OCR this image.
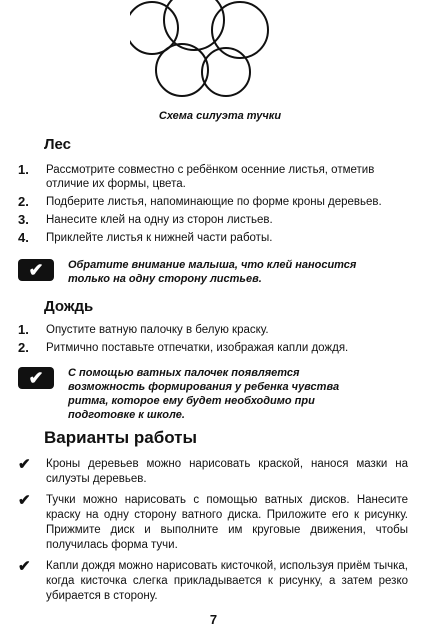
Схема силуэта тучки
Лес
1.	Рассмотрите совместно с ребёнком осенние листья, отметив отличие их формы, цвета.
2.	Подберите листья, напоминающие по форме кроны деревьев.
3.	Нанесите клей на одну из сторон листьев.
4.	Приклейте листья к нижней части работы.
✔	Обратите внимание малыша, что клей наносится только на одну сторону листьев.
Дождь
1.	Опустите ватную палочку в белую краску.
2.	Ритмично поставьте отпечатки, изображая капли дождя.
✔	С помощью ватных палочек появляется возможность формирования у ребенка чувства ритма, которое ему будет необходимо при подготовке к школе.
Варианты работы
✔	Кроны деревьев можно нарисовать краской, нанося мазки на силуэты деревьев.
✔	Тучки можно нарисовать с помощью ватных дисков. Нанесите краску на одну сторону ватного диска. Приложите его к рисунку. Прижмите диск и выполните им круговые движения, чтобы получилась форма тучи.
✔	Капли дождя можно нарисовать кисточкой, используя приём тычка, когда кисточка слегка прикладывается к рисунку, а затем резко убирается в сторону.
7
